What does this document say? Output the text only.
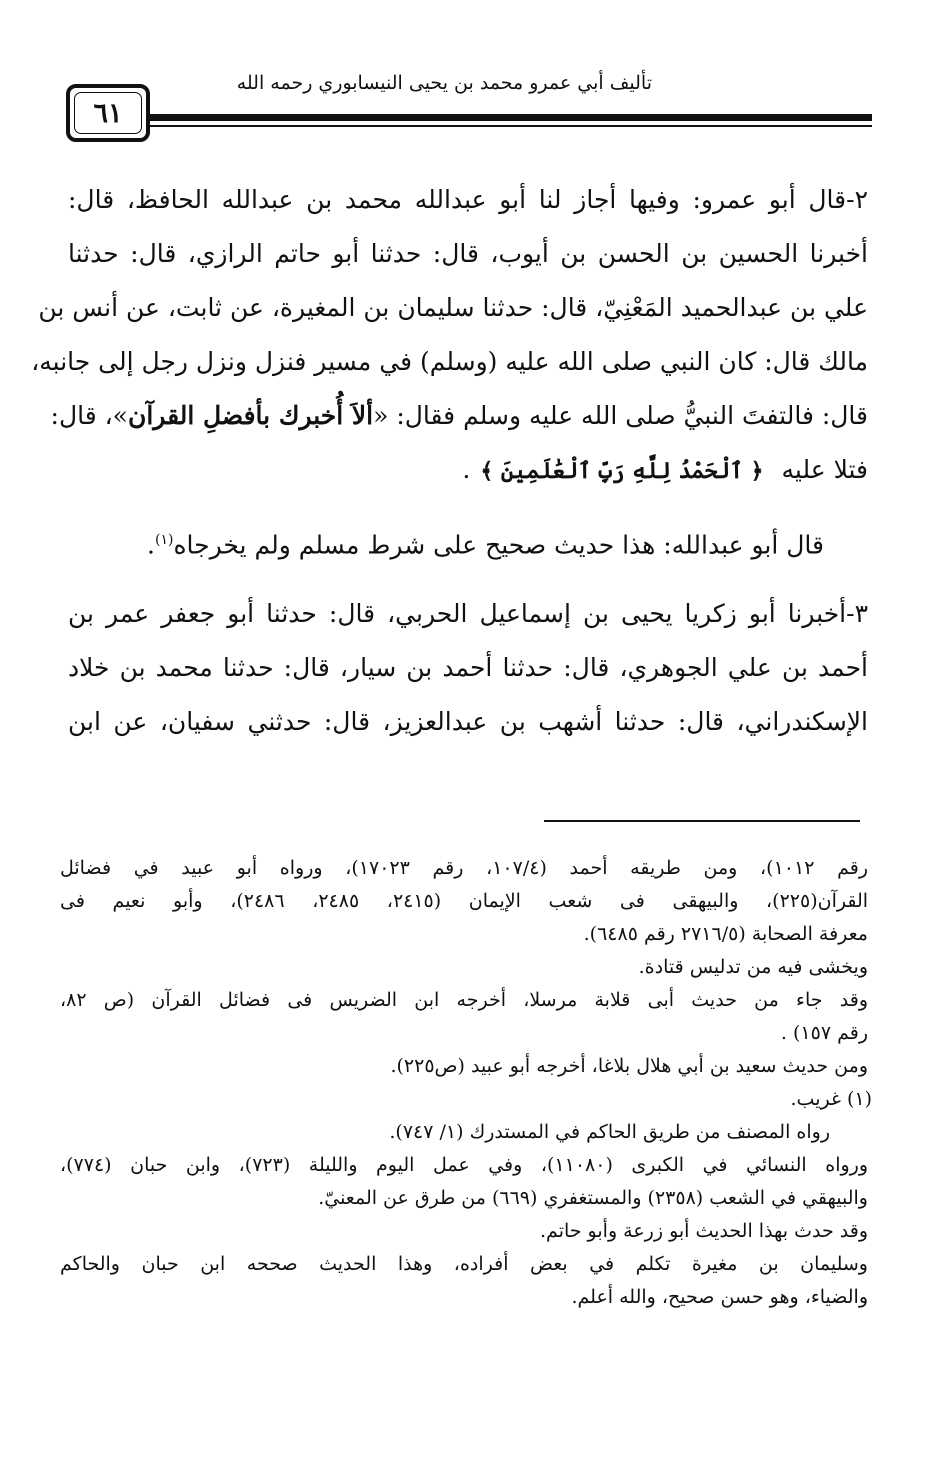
تأليف أبي عمرو محمد بن يحيى النيسابوري رحمه الله
٦١
٢-قال أبو عمرو: وفيها أجاز لنا أبو عبدالله محمد بن عبدالله الحافظ، قال:
أخبرنا الحسين بن الحسن بن أيوب، قال: حدثنا أبو حاتم الرازي، قال: حدثنا
علي بن عبدالحميد المَعْنِيّ، قال: حدثنا سليمان بن المغيرة، عن ثابت، عن أنس بن
مالك قال: كان النبي صلى الله عليه (وسلم) في مسير فنزل ونزل رجل إلى جانبه،
قال: فالتفتَ النبيُّ صلى الله عليه وسلم فقال: «ألاَ أُخبرك بأفضلِ القرآن»، قال:
فتلا عليه ﴿ ٱلْحَمْدُ لِلَّهِ رَبِّ ٱلْعَٰلَمِينَ ﴾.
قال أبو عبدالله: هذا حديث صحيح على شرط مسلم ولم يخرجاه$^{(١)}$.
٣-أخبرنا أبو زكريا يحيى بن إسماعيل الحربي، قال: حدثنا أبو جعفر عمر بن
أحمد بن علي الجوهري، قال: حدثنا أحمد بن سيار، قال: حدثنا محمد بن خلاد
الإسكندراني، قال: حدثنا أشهب بن عبدالعزيز، قال: حدثني سفيان، عن ابن
رقم ١٠١٢)، ومن طريقه أحمد (١٠٧/٤، رقم ١٧٠٢٣)، ورواه أبو عبيد في فضائل
القرآن(٢٢٥)، والبيهقى فى شعب الإيمان (٢٤١٥، ٢٤٨٥، ٢٤٨٦)، وأبو نعيم فى
معرفة الصحابة (٢٧١٦/٥ رقم ٦٤٨٥).
ويخشى فيه من تدليس قتادة.
وقد جاء من حديث أبى قلابة مرسلا، أخرجه ابن الضريس فى فضائل القرآن (ص ٨٢،
رقم ١٥٧) .
ومن حديث سعيد بن أبي هلال بلاغا، أخرجه أبو عبيد (ص٢٢٥).
(١) غريب.
رواه المصنف من طريق الحاكم في المستدرك (١/ ٧٤٧).
ورواه النسائي في الكبرى (١١٠٨٠)، وفي عمل اليوم والليلة (٧٢٣)، وابن حبان (٧٧٤)،
والبيهقي في الشعب (٢٣٥٨) والمستغفري (٦٦٩) من طرق عن المعنيّ.
وقد حدث بهذا الحديث أبو زرعة وأبو حاتم.
وسليمان بن مغيرة تكلم في بعض أفراده، وهذا الحديث صححه ابن حبان والحاكم
والضياء، وهو حسن صحيح، والله أعلم.
